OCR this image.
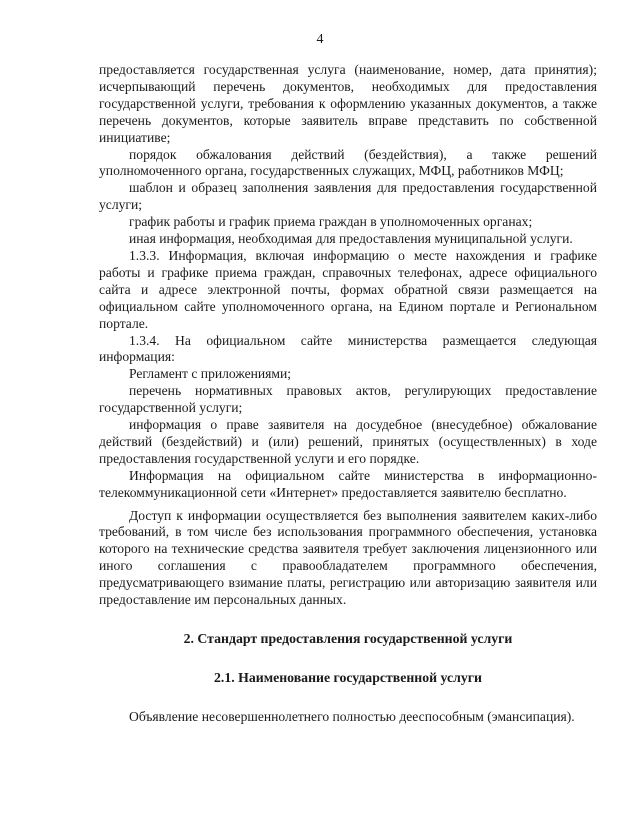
4

предоставляется государственная услуга (наименование, номер, дата принятия); исчерпывающий перечень документов, необходимых для предоставления государственной услуги, требования к оформлению указанных документов, а также перечень документов, которые заявитель вправе представить по собственной инициативе;

порядок обжалования действий (бездействия), а также решений уполномоченного органа, государственных служащих, МФЦ, работников МФЦ;

шаблон и образец заполнения заявления для предоставления государственной услуги;

график работы и график приема граждан в уполномоченных органах;

иная информация, необходимая для предоставления муниципальной услуги.

1.3.3. Информация, включая информацию о месте нахождения и графике работы и графике приема граждан, справочных телефонах, адресе официального сайта и адресе электронной почты, формах обратной связи размещается на официальном сайте уполномоченного органа, на Едином портале и Региональном портале.

1.3.4. На официальном сайте министерства размещается следующая информация:

Регламент с приложениями;

перечень нормативных правовых актов, регулирующих предоставление государственной услуги;

информация о праве заявителя на досудебное (внесудебное) обжалование действий (бездействий) и (или) решений, принятых (осуществленных) в ходе предоставления государственной услуги и его порядке.

Информация на официальном сайте министерства в информационно-телекоммуникационной сети «Интернет» предоставляется заявителю бесплатно.

Доступ к информации осуществляется без выполнения заявителем каких-либо требований, в том числе без использования программного обеспечения, установка которого на технические средства заявителя требует заключения лицензионного или иного соглашения с правообладателем программного обеспечения, предусматривающего взимание платы, регистрацию или авторизацию заявителя или предоставление им персональных данных.

2. Стандарт предоставления государственной услуги

2.1. Наименование государственной услуги

Объявление несовершеннолетнего полностью дееспособным (эмансипация).
